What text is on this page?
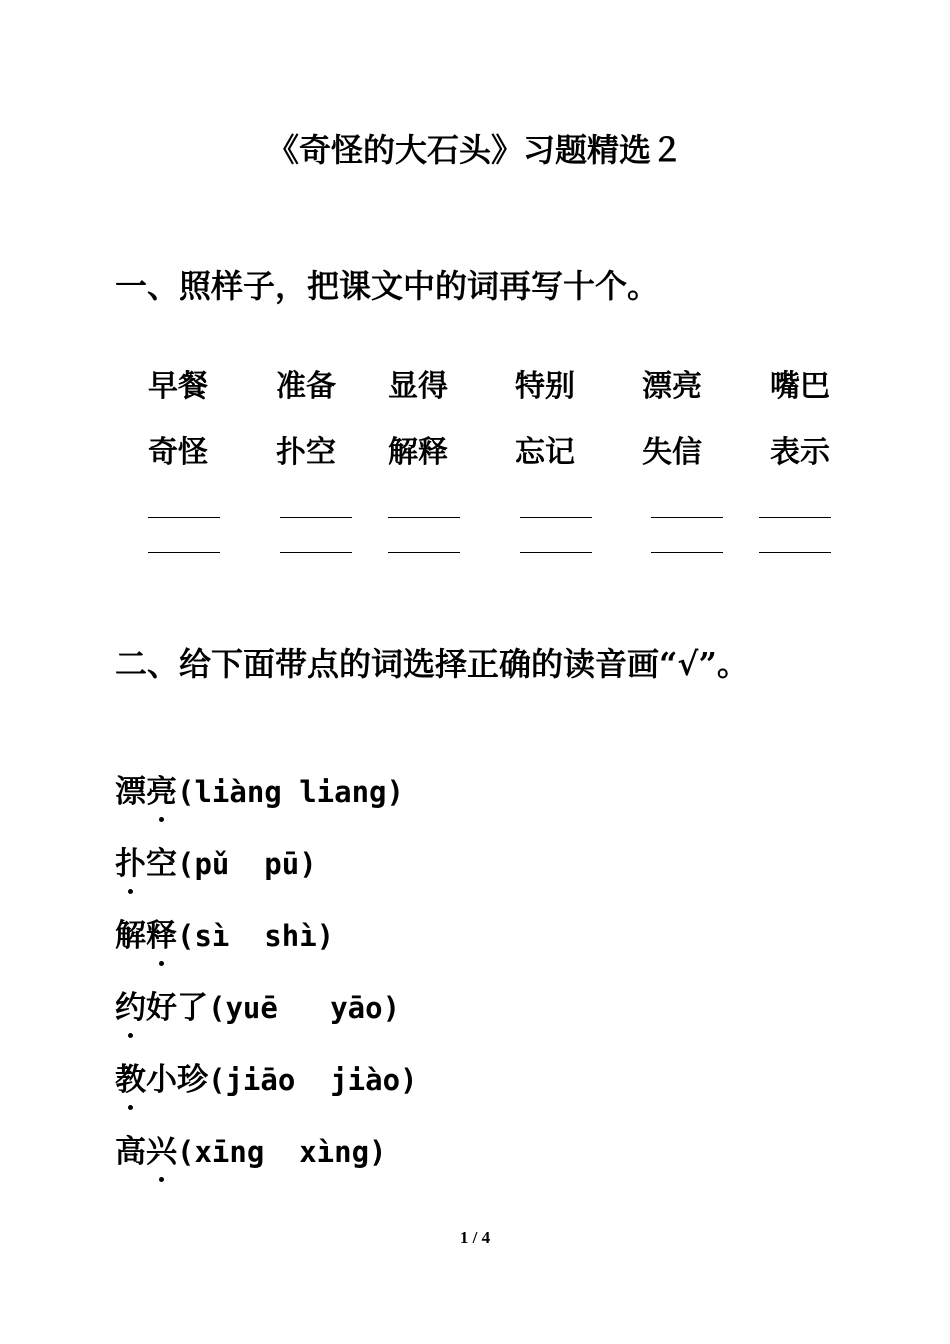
《奇怪的大石头》习题精选２
一、照样子，把课文中的词再写十个。
早餐 准备 显得 特别 漂亮 嘴巴
奇怪 扑空 解释 忘记 失信 表示
二、给下面带点的词选择正确的读音画“√”。
漂亮(liàng liang)
扑空(pǔ  pū)
解释(sì  shì)
约好了(yuē   yāo)
教小珍(jiāo  jiào)
高兴(xīng  xìng)
1 / 4
